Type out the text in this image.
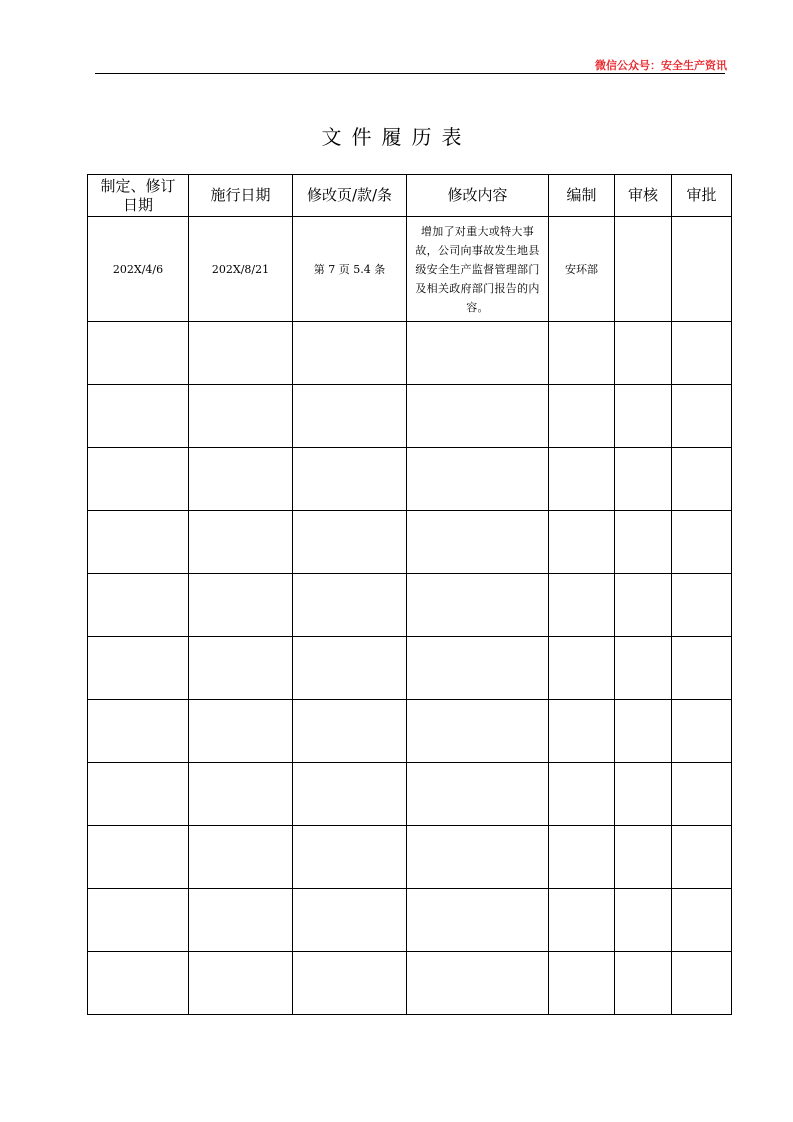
微信公众号：安全生产资讯
文件履历表
制定、修订日期	施行日期	修改页/款/条	修改内容	编制	审核	审批
202X/4/6	202X/8/21	第 7 页 5.4 条	增加了对重大或特大事故，公司向事故发生地县级安全生产监督管理部门及相关政府部门报告的内容。	安环部		
